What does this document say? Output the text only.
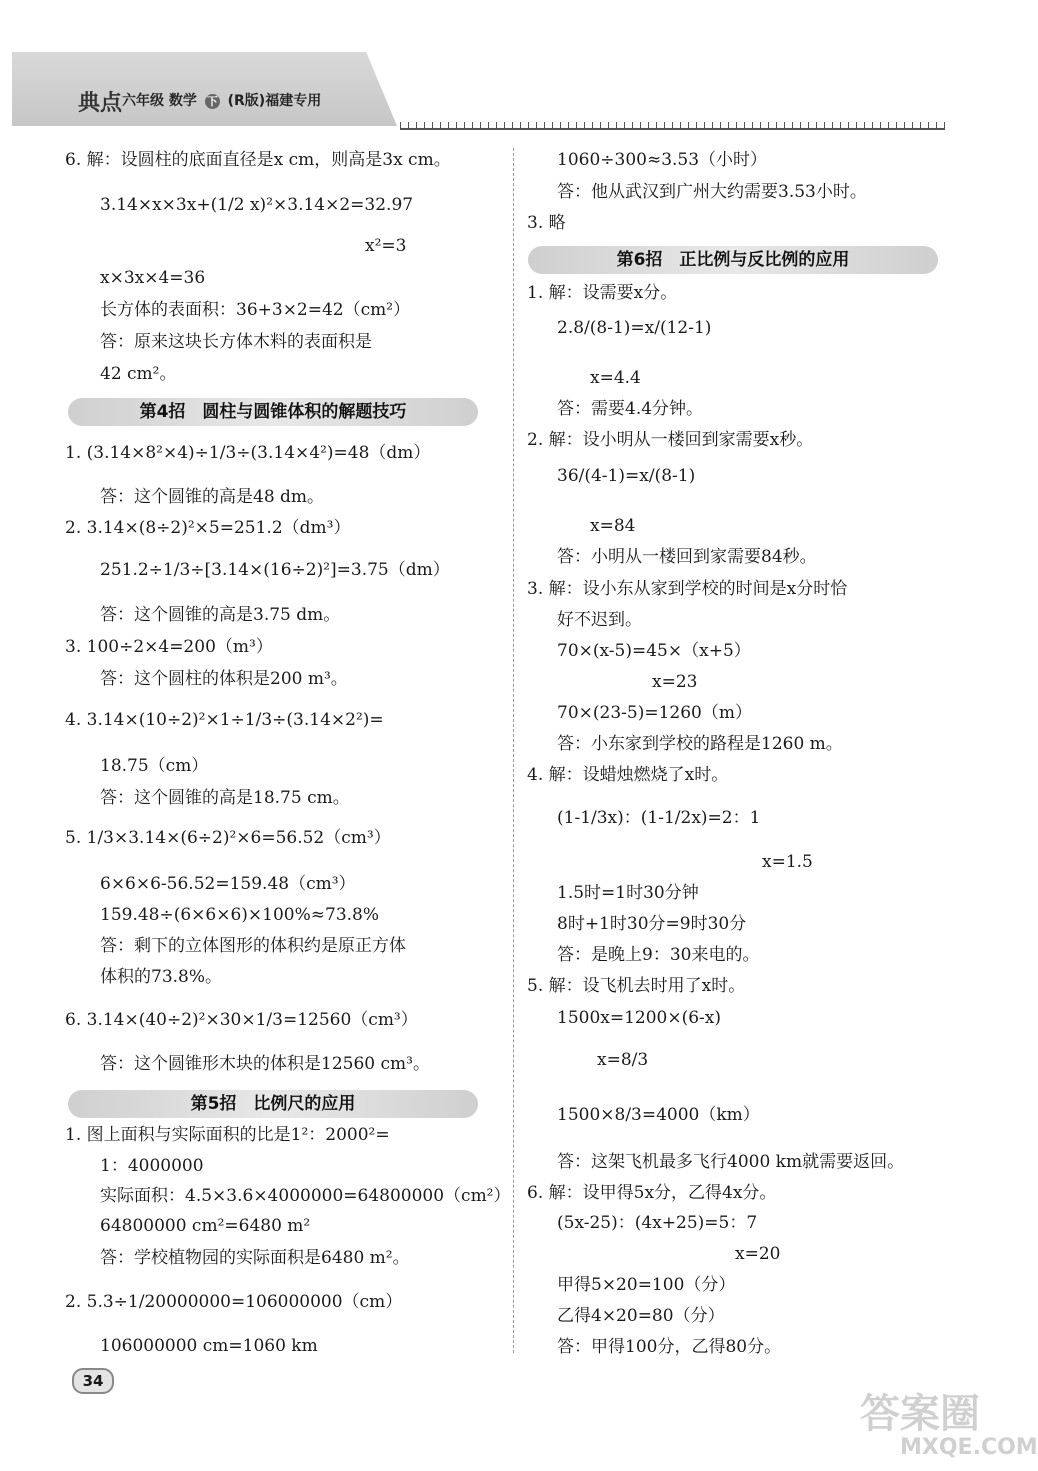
典点 六年级 数学 下 (R版)福建专用
6. 解：设圆柱的底面直径是x cm，则高是3x cm。
3.14×x×3x+(1/2 x)²×3.14×2=32.97
x²=3
x×3x×4=36
长方体的表面积：36+3×2=42（cm²）
答：原来这块长方体木料的表面积是
42 cm²。
1. (3.14×8²×4)÷1/3÷(3.14×4²)=48（dm）
答：这个圆锥的高是48 dm。
2. 3.14×(8÷2)²×5=251.2（dm³）
251.2÷1/3÷[3.14×(16÷2)²]=3.75（dm）
答：这个圆锥的高是3.75 dm。
3. 100÷2×4=200（m³）
答：这个圆柱的体积是200 m³。
4. 3.14×(10÷2)²×1÷1/3÷(3.14×2²)=
18.75（cm）
答：这个圆锥的高是18.75 cm。
5. 1/3×3.14×(6÷2)²×6=56.52（cm³）
6×6×6-56.52=159.48（cm³）
159.48÷(6×6×6)×100%≈73.8%
答：剩下的立体图形的体积约是原正方体
体积的73.8%。
6. 3.14×(40÷2)²×30×1/3=12560（cm³）
答：这个圆锥形木块的体积是12560 cm³。
1. 图上面积与实际面积的比是1²：2000²=
1：4000000
实际面积：4.5×3.6×4000000=64800000（cm²）
64800000 cm²=6480 m²
答：学校植物园的实际面积是6480 m²。
2. 5.3÷1/20000000=106000000（cm）
106000000 cm=1060 km
1060÷300≈3.53（小时）
答：他从武汉到广州大约需要3.53小时。
3. 略
1. 解：设需要x分。
2.8/(8-1)=x/(12-1)
x=4.4
答：需要4.4分钟。
2. 解：设小明从一楼回到家需要x秒。
36/(4-1)=x/(8-1)
x=84
答：小明从一楼回到家需要84秒。
3. 解：设小东从家到学校的时间是x分时恰
好不迟到。
70×(x-5)=45×（x+5）
x=23
70×(23-5)=1260（m）
答：小东家到学校的路程是1260 m。
4. 解：设蜡烛燃烧了x时。
(1-1/3x)：(1-1/2x)=2：1
x=1.5
1.5时=1时30分钟
8时+1时30分=9时30分
答：是晚上9：30来电的。
5. 解：设飞机去时用了x时。
1500x=1200×(6-x)
x=8/3
1500×8/3=4000（km）
答：这架飞机最多飞行4000 km就需要返回。
6. 解：设甲得5x分，乙得4x分。
(5x-25)：(4x+25)=5：7
x=20
甲得5×20=100（分）
乙得4×20=80（分）
答：甲得100分，乙得80分。
第4招　圆柱与圆锥体积的解题技巧
第5招　比例尺的应用
第6招　正比例与反比例的应用
34
答案圈
MXQE.COM
